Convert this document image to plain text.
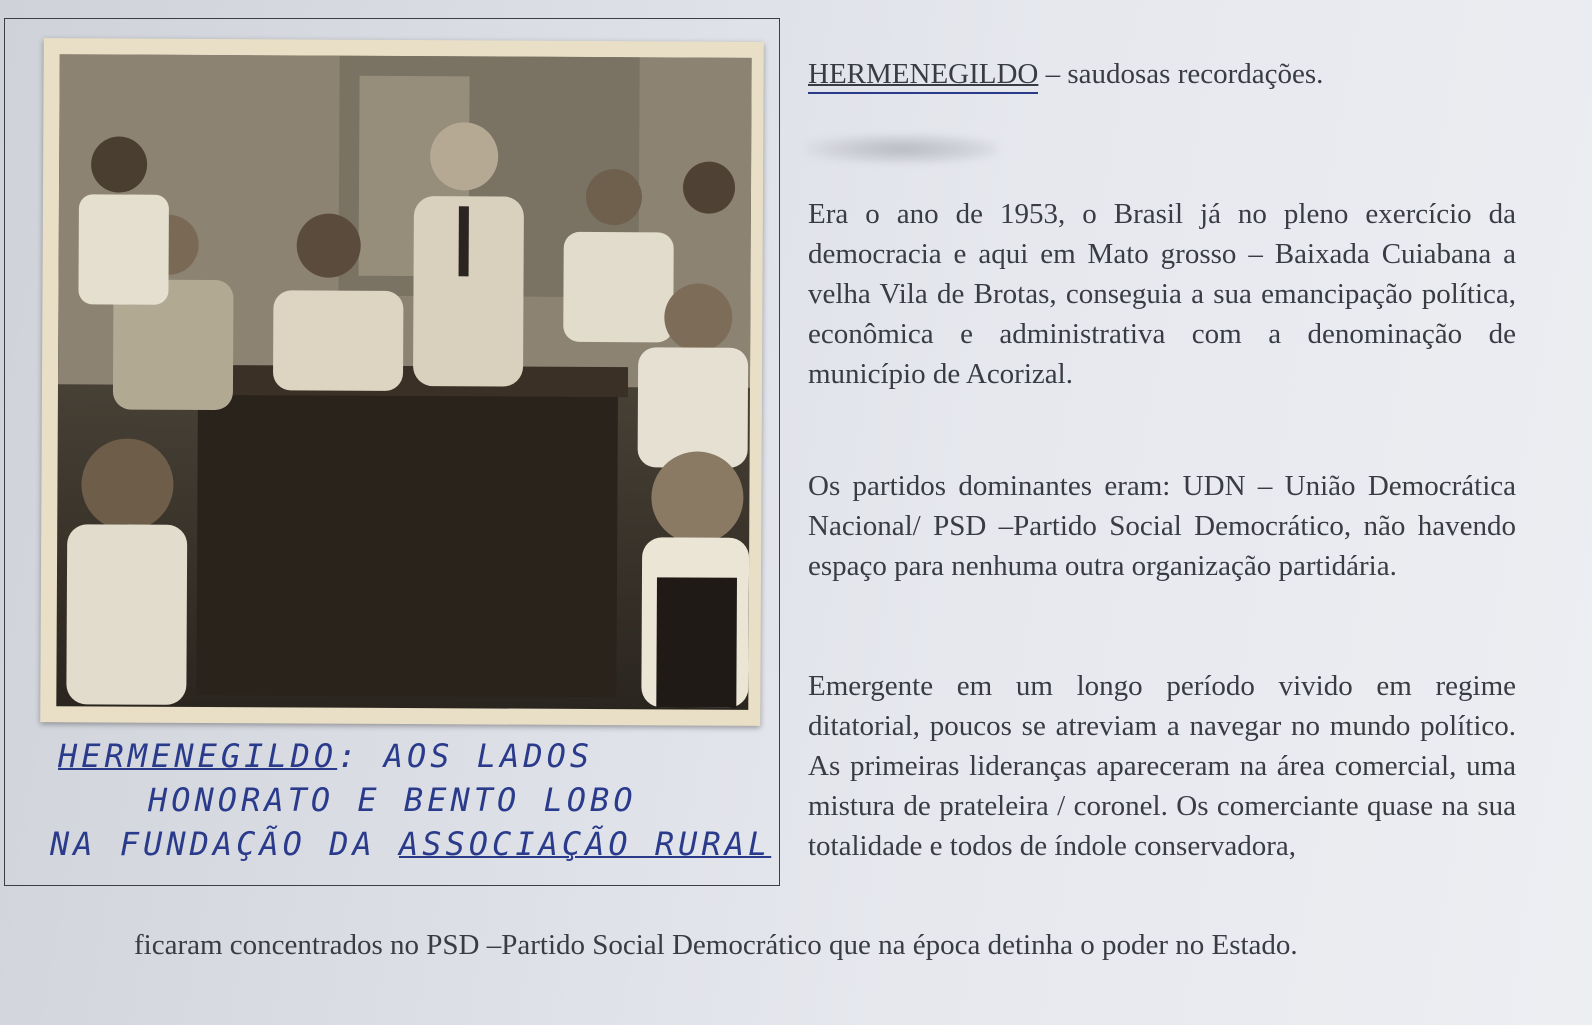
HERMENEGILDO: AOS LADOS
HONORATO E BENTO LOBO
NA FUNDAÇÃO DA ASSOCIAÇÃO RURAL
HERMENEGILDO – saudosas recordações.
Era o ano de 1953, o Brasil já no pleno exercício da democracia e aqui em Mato grosso – Baixada Cuiabana a velha Vila de Brotas, conseguia a sua emancipação política, econômica e administrativa com a denominação de município de Acorizal.
Os partidos dominantes eram: UDN – União Democrática Nacional/ PSD –Partido Social Democrático, não havendo espaço para nenhuma outra organização partidária.
Emergente em um longo período vivido em regime ditatorial, poucos se atreviam a navegar no mundo político. As primeiras lideranças apareceram na área comercial, uma mistura de prateleira / coronel. Os comerciante quase na sua totalidade e todos de índole conservadora,
ficaram concentrados no PSD –Partido Social Democrático que na época detinha o poder no Estado.
